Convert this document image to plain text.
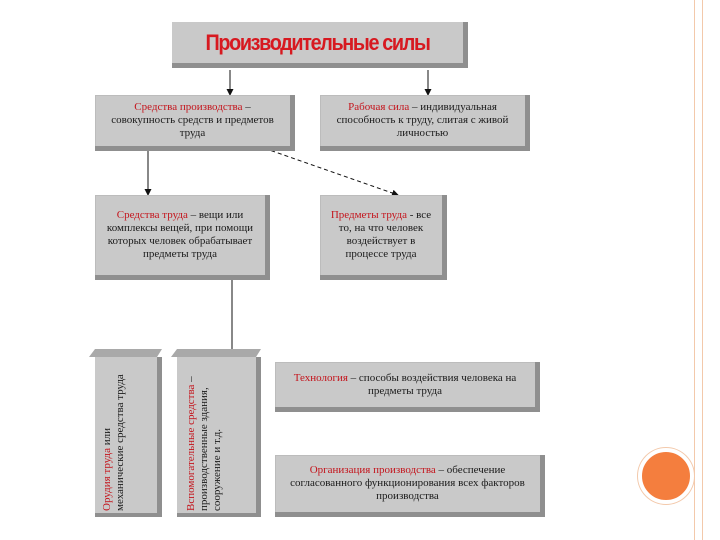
Производительные силы
Средства производства – совокупность средств и предметов труда
Рабочая сила – индивидуальная способность к труду, слитая с живой личностью
Средства труда – вещи или комплексы вещей, при помощи которых человек обрабатывает предметы труда
Предметы труда - все то, на что человек воздействует в процессе труда
Орудия труда или механические средства труда	Вспомогательные средства – производственные здания, сооружение и т.д.
Технология – способы воздействия человека на предметы труда
Организация производства – обеспечение согласованного функционирования всех факторов производства
